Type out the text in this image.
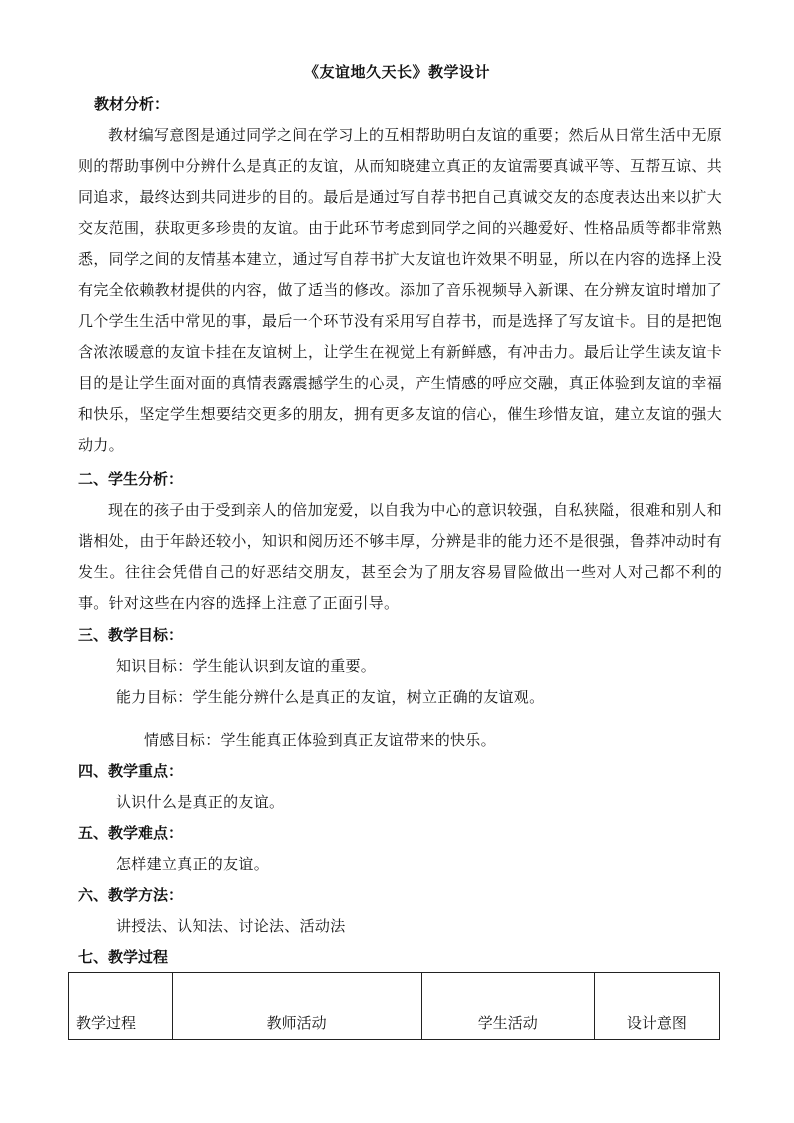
《友谊地久天长》教学设计
教材分析：

教材编写意图是通过同学之间在学习上的互相帮助明白友谊的重要；然后从日常生活中无原则的帮助事例中分辨什么是真正的友谊，从而知晓建立真正的友谊需要真诚平等、互帮互谅、共同追求，最终达到共同进步的目的。最后是通过写自荐书把自己真诚交友的态度表达出来以扩大交友范围，获取更多珍贵的友谊。由于此环节考虑到同学之间的兴趣爱好、性格品质等都非常熟悉，同学之间的友情基本建立，通过写自荐书扩大友谊也许效果不明显，所以在内容的选择上没有完全依赖教材提供的内容，做了适当的修改。添加了音乐视频导入新课、在分辨友谊时增加了几个学生生活中常见的事，最后一个环节没有采用写自荐书，而是选择了写友谊卡。目的是把饱含浓浓暖意的友谊卡挂在友谊树上，让学生在视觉上有新鲜感，有冲击力。最后让学生读友谊卡目的是让学生面对面的真情表露震撼学生的心灵，产生情感的呼应交融，真正体验到友谊的幸福和快乐，坚定学生想要结交更多的朋友，拥有更多友谊的信心，催生珍惜友谊，建立友谊的强大动力。

二、学生分析：

现在的孩子由于受到亲人的倍加宠爱，以自我为中心的意识较强，自私狭隘，很难和别人和谐相处，由于年龄还较小，知识和阅历还不够丰厚，分辨是非的能力还不是很强，鲁莽冲动时有发生。往往会凭借自己的好恶结交朋友，甚至会为了朋友容易冒险做出一些对人对己都不利的事。针对这些在内容的选择上注意了正面引导。

三、教学目标：
知识目标：学生能认识到友谊的重要。
能力目标：学生能分辨什么是真正的友谊，树立正确的友谊观。
情感目标：学生能真正体验到真正友谊带来的快乐。
四、教学重点：
认识什么是真正的友谊。
五、教学难点：
怎样建立真正的友谊。
六、教学方法：
讲授法、认知法、讨论法、活动法
七、教学过程
教学过程	教师活动	学生活动	设计意图
